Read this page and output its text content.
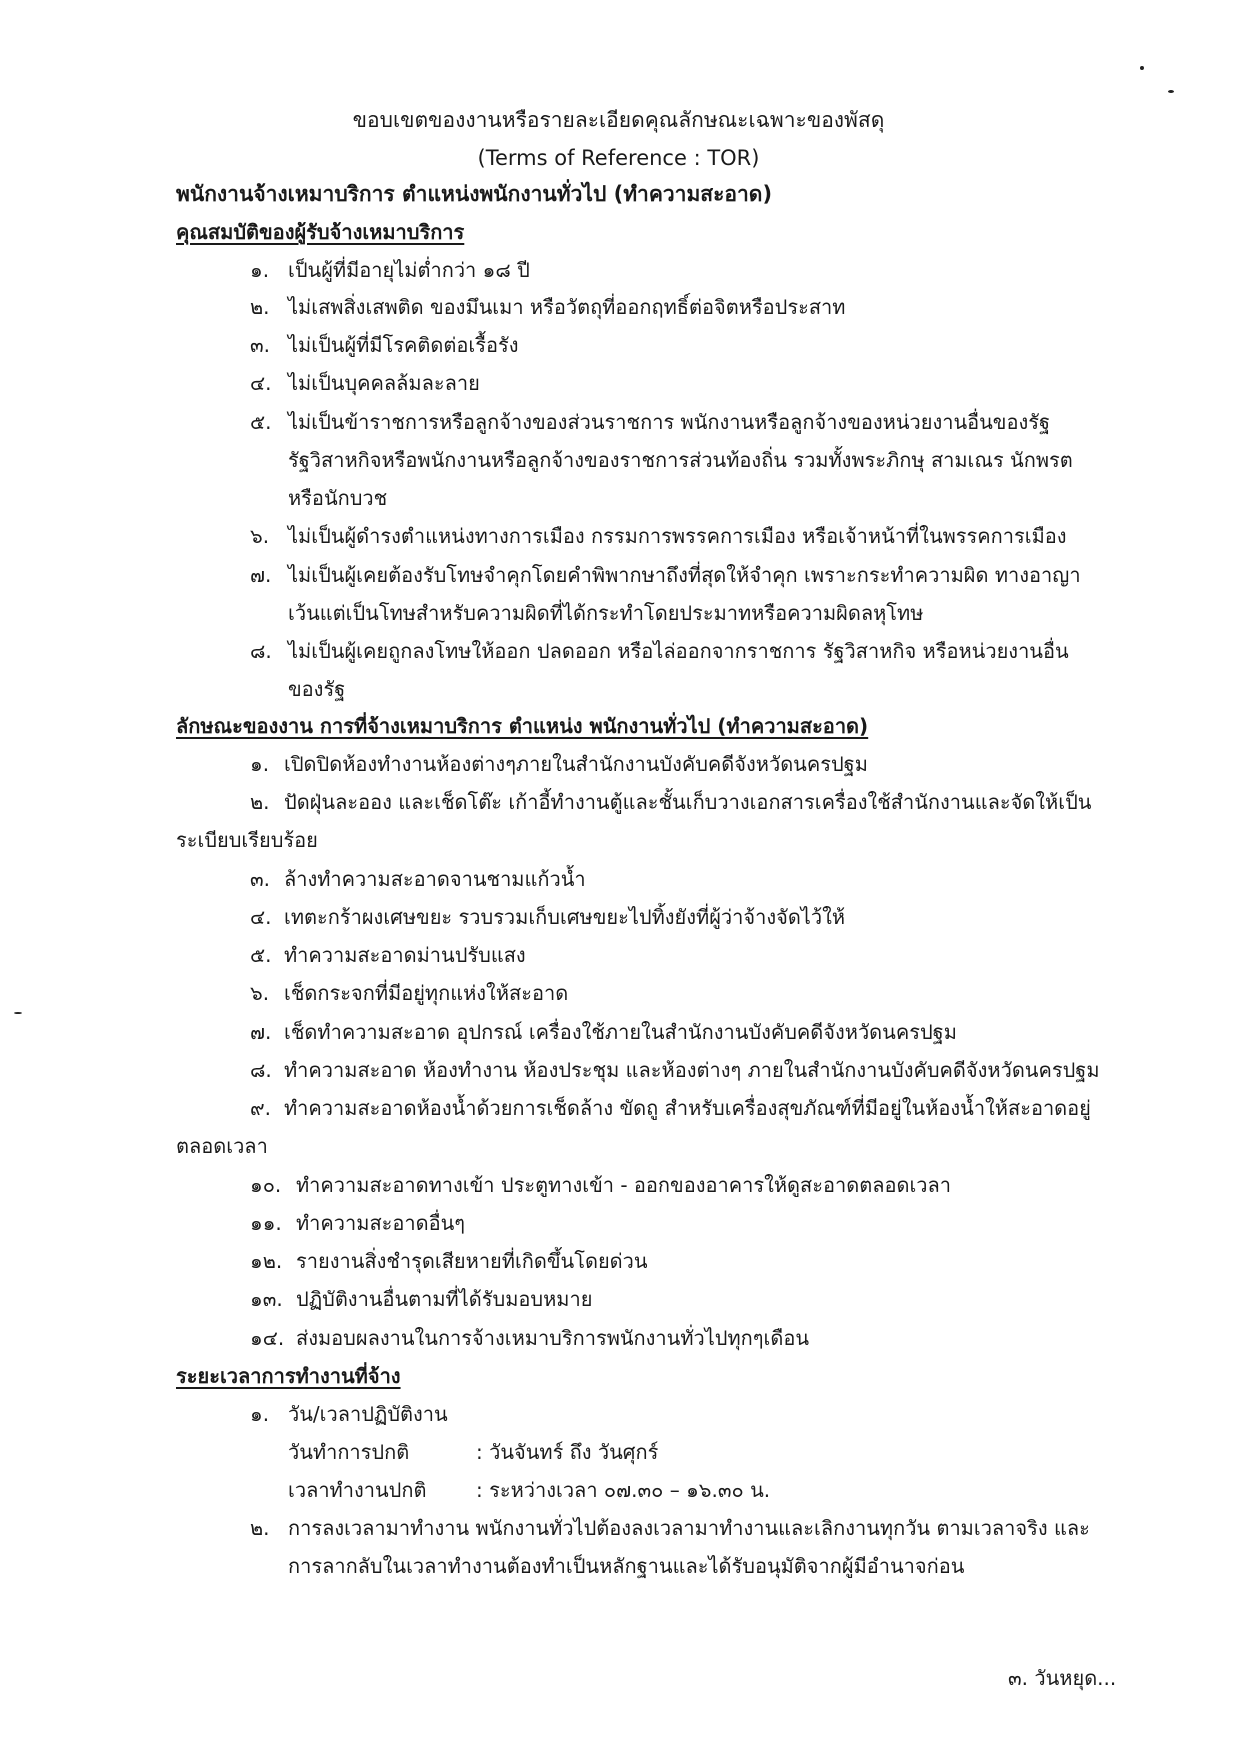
ขอบเขตของงานหรือรายละเอียดคุณลักษณะเฉพาะของพัสดุ
(Terms of Reference : TOR)
พนักงานจ้างเหมาบริการ ตำแหน่งพนักงานทั่วไป (ทำความสะอาด)
คุณสมบัติของผู้รับจ้างเหมาบริการ
๑. เป็นผู้ที่มีอายุไม่ต่ำกว่า ๑๘ ปี
๒. ไม่เสพสิ่งเสพติด ของมึนเมา หรือวัตถุที่ออกฤทธิ์ต่อจิตหรือประสาท
๓. ไม่เป็นผู้ที่มีโรคติดต่อเรื้อรัง
๔. ไม่เป็นบุคคลล้มละลาย
๕. ไม่เป็นข้าราชการหรือลูกจ้างของส่วนราชการ พนักงานหรือลูกจ้างของหน่วยงานอื่นของรัฐ
รัฐวิสาหกิจหรือพนักงานหรือลูกจ้างของราชการส่วนท้องถิ่น รวมทั้งพระภิกษุ สามเณร นักพรต
หรือนักบวช
๖. ไม่เป็นผู้ดำรงตำแหน่งทางการเมือง กรรมการพรรคการเมือง หรือเจ้าหน้าที่ในพรรคการเมือง
๗. ไม่เป็นผู้เคยต้องรับโทษจำคุกโดยคำพิพากษาถึงที่สุดให้จำคุก เพราะกระทำความผิด ทางอาญา
เว้นแต่เป็นโทษสำหรับความผิดที่ได้กระทำโดยประมาทหรือความผิดลหุโทษ
๘. ไม่เป็นผู้เคยถูกลงโทษให้ออก ปลดออก หรือไล่ออกจากราชการ รัฐวิสาหกิจ หรือหน่วยงานอื่น
ของรัฐ
ลักษณะของงาน การที่จ้างเหมาบริการ ตำแหน่ง พนักงานทั่วไป (ทำความสะอาด)
๑. เปิดปิดห้องทำงานห้องต่างๆภายในสำนักงานบังคับคดีจังหวัดนครปฐม
๒. ปัดฝุ่นละออง และเช็ดโต๊ะ เก้าอี้ทำงานตู้และชั้นเก็บวางเอกสารเครื่องใช้สำนักงานและจัดให้เป็น
ระเบียบเรียบร้อย
๓. ล้างทำความสะอาดจานชามแก้วน้ำ
๔. เทตะกร้าผงเศษขยะ รวบรวมเก็บเศษขยะไปทิ้งยังที่ผู้ว่าจ้างจัดไว้ให้
๕. ทำความสะอาดม่านปรับแสง
๖. เช็ดกระจกที่มีอยู่ทุกแห่งให้สะอาด
๗. เช็ดทำความสะอาด อุปกรณ์ เครื่องใช้ภายในสำนักงานบังคับคดีจังหวัดนครปฐม
๘. ทำความสะอาด ห้องทำงาน ห้องประชุม และห้องต่างๆ ภายในสำนักงานบังคับคดีจังหวัดนครปฐม
๙. ทำความสะอาดห้องน้ำด้วยการเช็ดล้าง ขัดถู สำหรับเครื่องสุขภัณฑ์ที่มีอยู่ในห้องน้ำให้สะอาดอยู่
ตลอดเวลา
๑๐. ทำความสะอาดทางเข้า ประตูทางเข้า - ออกของอาคารให้ดูสะอาดตลอดเวลา
๑๑. ทำความสะอาดอื่นๆ
๑๒. รายงานสิ่งชำรุดเสียหายที่เกิดขึ้นโดยด่วน
๑๓. ปฏิบัติงานอื่นตามที่ได้รับมอบหมาย
๑๔. ส่งมอบผลงานในการจ้างเหมาบริการพนักงานทั่วไปทุกๆเดือน
ระยะเวลาการทำงานที่จ้าง
๑. วัน/เวลาปฏิบัติงาน
วันทำการปกติ	: วันจันทร์ ถึง วันศุกร์
เวลาทำงานปกติ : ระหว่างเวลา ๐๗.๓๐ – ๑๖.๓๐ น.
๒. การลงเวลามาทำงาน พนักงานทั่วไปต้องลงเวลามาทำงานและเลิกงานทุกวัน ตามเวลาจริง และ
การลากลับในเวลาทำงานต้องทำเป็นหลักฐานและได้รับอนุมัติจากผู้มีอำนาจก่อน
๓. วันหยุด...
